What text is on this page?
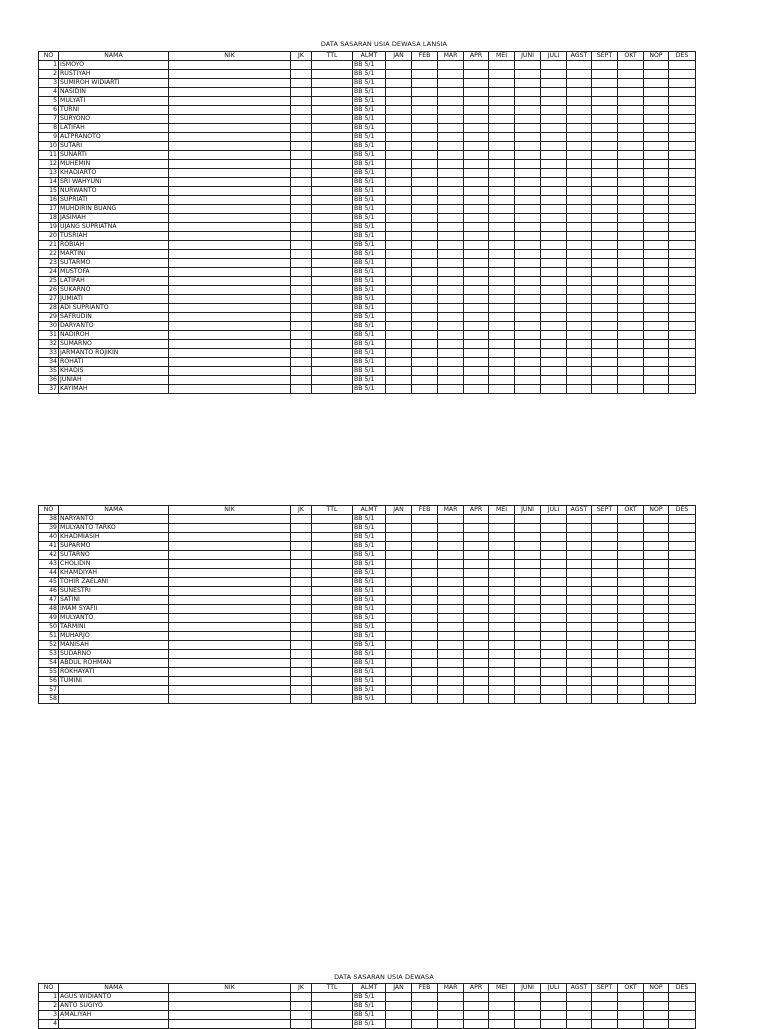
DATA SASARAN USIA DEWASA LANSIA
NO	NAMA	NIK	JK	TTL	ALMT	JAN	FEB	MAR	APR	MEI	JUNI	JULI	AGST	SEPT	OKT	NOP	DES
1	ISMOYO				BB 5/1												
2	RUSTIYAH				BB 5/1												
3	SUMIROH WIDIARTI				BB 5/1												
4	NASIDIN				BB 5/1												
5	MULYATI				BB 5/1												
6	TURNI				BB 5/1												
7	SURYONO				BB 5/1												
8	LATIFAH				BB 5/1												
9	ALTPRANOTO				BB 5/1												
10	SUTARI				BB 5/1												
11	SUNARTI				BB 5/1												
12	MUHEMIN				BB 5/1												
13	KHADIARTO				BB 5/1												
14	SRI WAHYUNI				BB 5/1												
15	NURWANTO				BB 5/1												
16	SUPRIATI				BB 5/1												
17	MUHDIRIN BUANG				BB 5/1												
18	JASIMAH				BB 5/1												
19	UJANG SUPRIATNA				BB 5/1												
20	TUSRIAH				BB 5/1												
21	ROBIAH				BB 5/1												
22	MARTINI				BB 5/1												
23	SUTARMO				BB 5/1												
24	MUSTOFA				BB 5/1												
25	LATIFAH				BB 5/1												
26	SUKARNO				BB 5/1												
27	JUMIATI				BB 5/1												
28	ADI SUPRIANTO				BB 5/1												
29	SAFRUDIN				BB 5/1												
30	DARYANTO				BB 5/1												
31	NADIROH				BB 5/1												
32	SUMARNO				BB 5/1												
33	JARMANTO ROJIKIN				BB 5/1												
34	ROHATI				BB 5/1												
35	KHADIS				BB 5/1												
36	JUNIAH				BB 5/1												
37	KAYIMAH				BB 5/1												
NO	NAMA	NIK	JK	TTL	ALMT	JAN	FEB	MAR	APR	MEI	JUNI	JULI	AGST	SEPT	OKT	NOP	DES
38	NARYANTO				BB 5/1												
39	MULYANTO TARKO				BB 5/1												
40	KHADMIASIH				BB 5/1												
41	SUPARMO				BB 5/1												
42	SUTARNO				BB 5/1												
43	CHOLIDIN				BB 5/1												
44	KHAMDIYAH				BB 5/1												
45	TOHIR ZAELANI				BB 5/1												
46	SUNESTRI				BB 5/1												
47	SATINI				BB 5/1												
48	IMAM SYAFII				BB 5/1												
49	MULYANTO				BB 5/1												
50	TARMINI				BB 5/1												
51	MUHARJO				BB 5/1												
52	MANISAH				BB 5/1												
53	SUDARNO				BB 5/1												
54	ABDUL ROHMAN				BB 5/1												
55	ROKHAYATI				BB 5/1												
56	TUMINI				BB 5/1												
57					BB 5/1												
58					BB 5/1												
DATA SASARAN USIA DEWASA
NO	NAMA	NIK	JK	TTL	ALMT	JAN	FEB	MAR	APR	MEI	JUNI	JULI	AGST	SEPT	OKT	NOP	DES
1	AGUS WIDIANTO				BB 5/1												
2	ANTO SUGIYO				BB 5/1												
3	AMALIYAH				BB 5/1												
4					BB 5/1												
